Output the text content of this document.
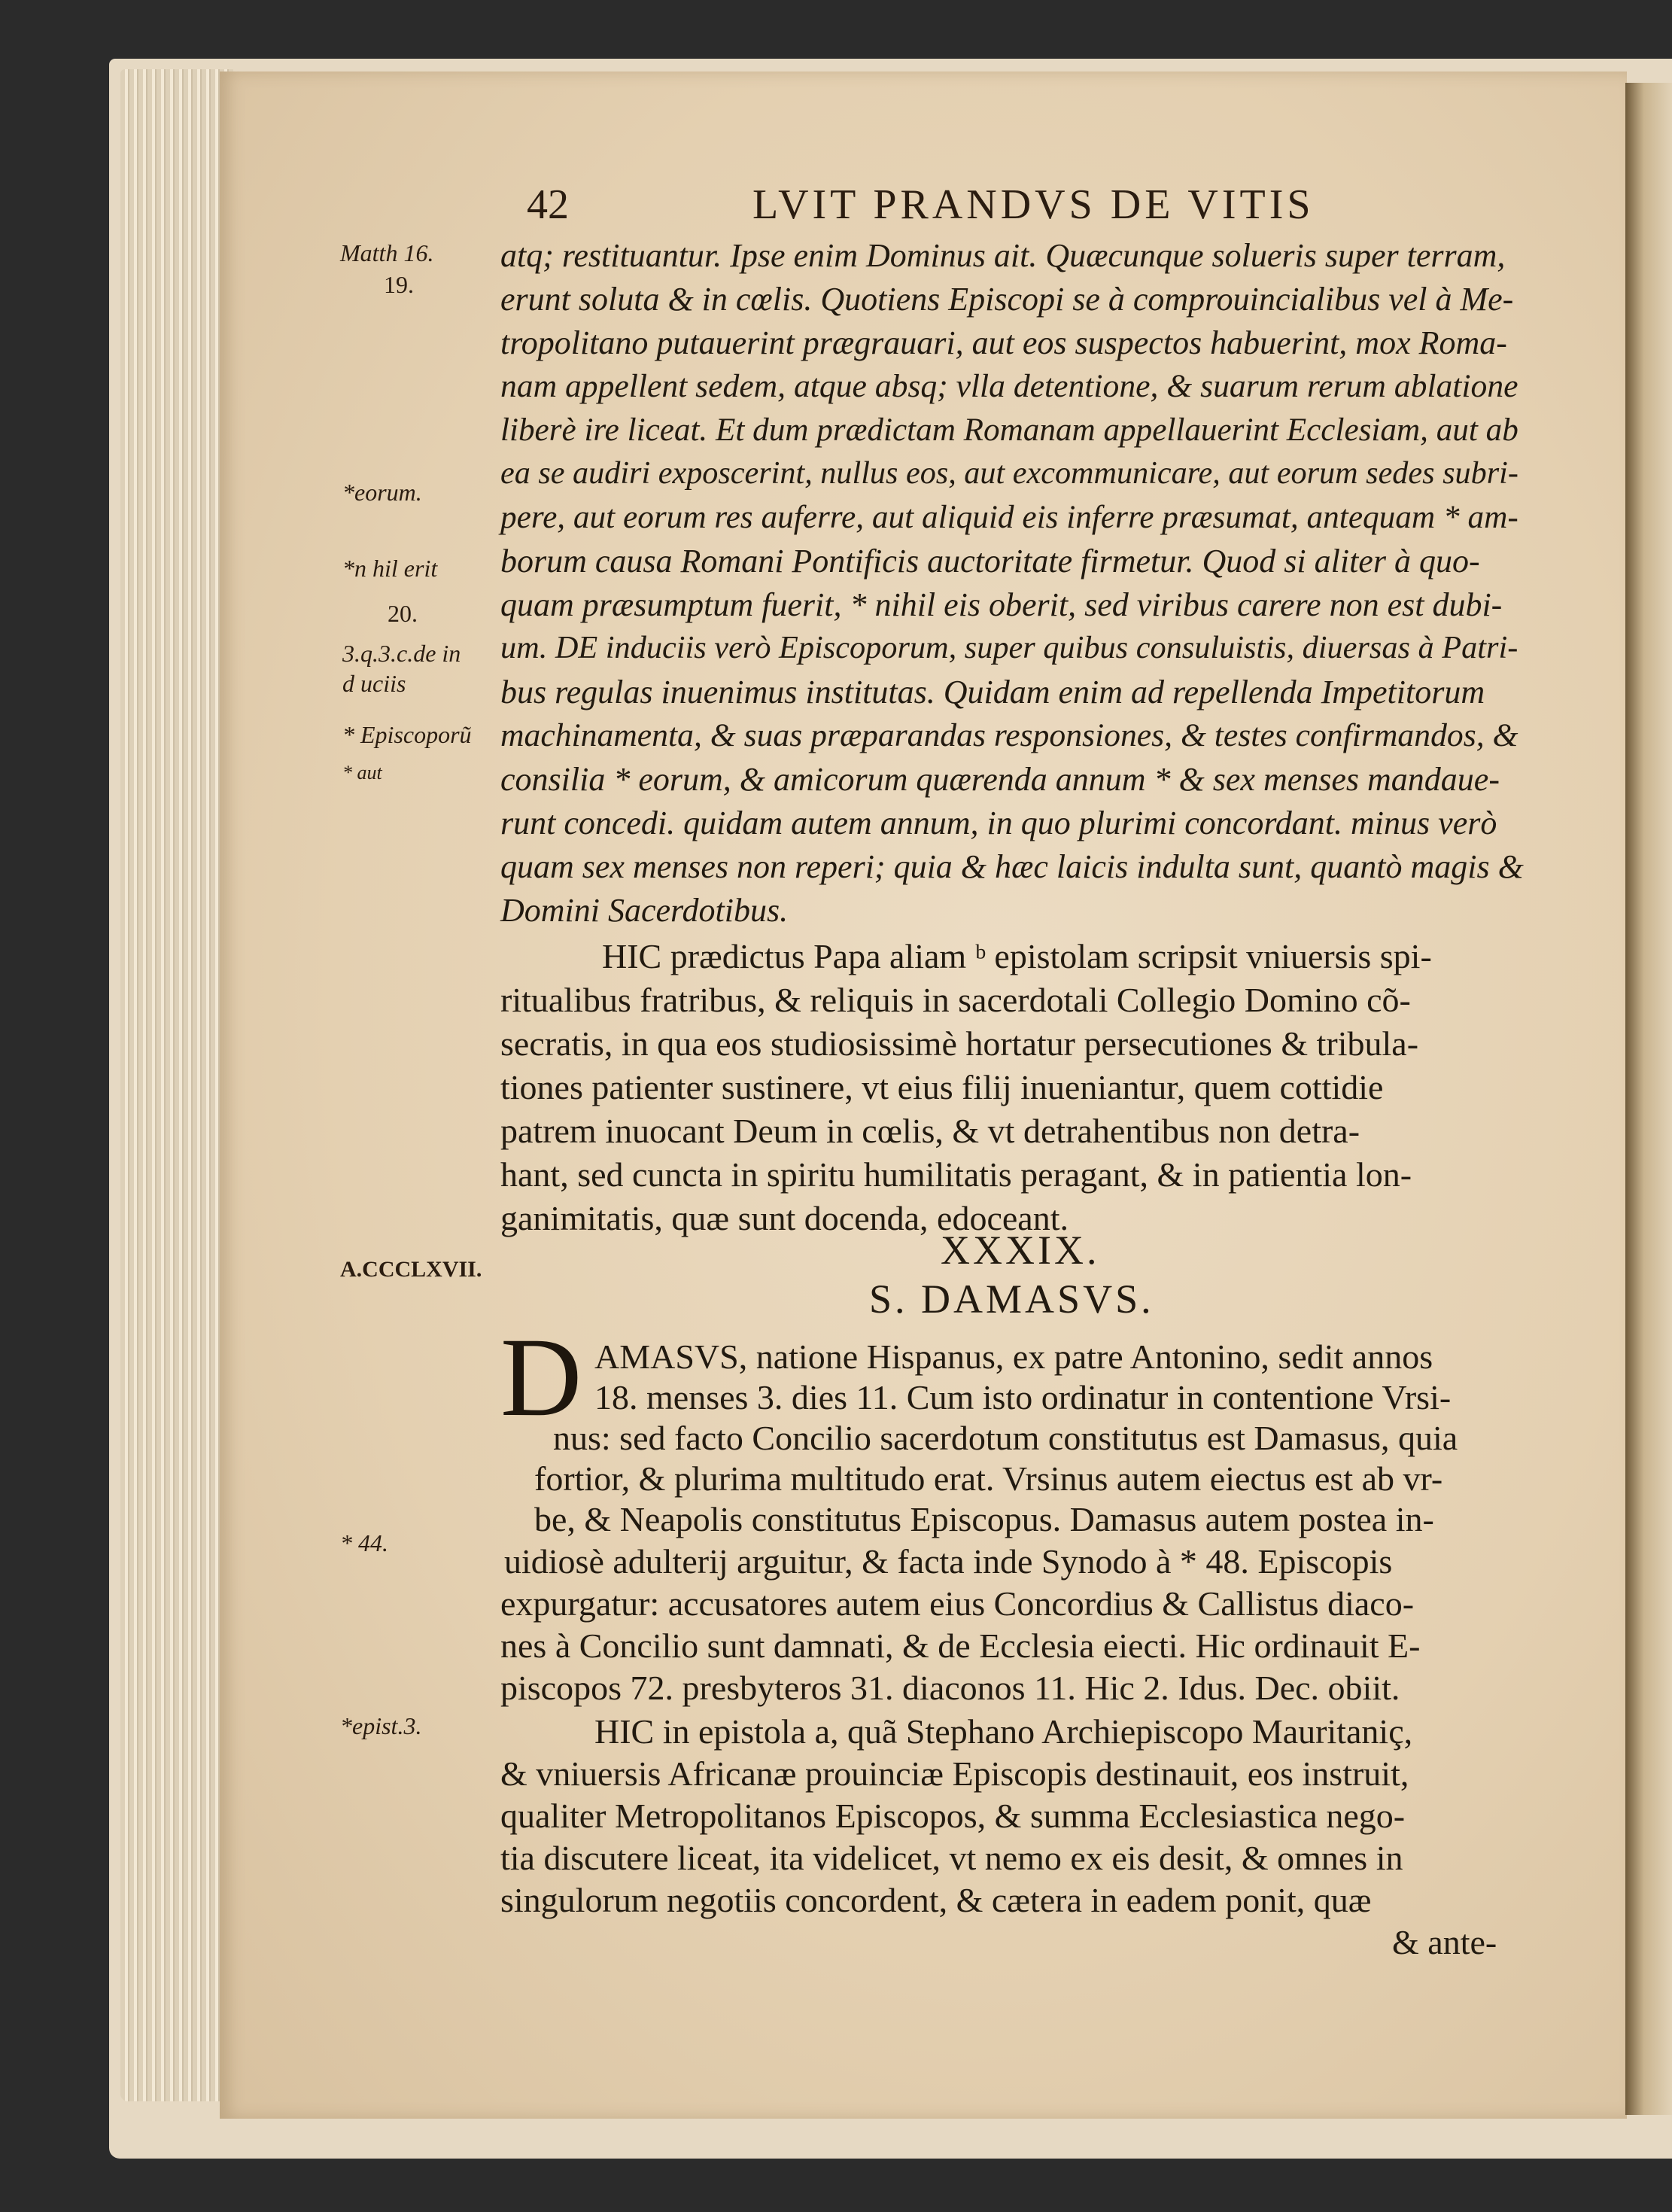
42	LVIT PRANDVS DE VITIS
Matth 16.
19.
*eorum.
*n hil erit
20.
3.q.3.c.de in
d uciis
* Episcoporũ
* aut
A.CCCLXVII.
* 44.
*epist.3.
atq; restituantur. Ipse enim Dominus ait. Quæcunque solueris super terram,
erunt soluta & in cœlis. Quotiens Episcopi se à comprouincialibus vel à Me-
tropolitano putauerint prægrauari, aut eos suspectos habuerint, mox Roma-
nam appellent sedem, atque absq; vlla detentione, & suarum rerum ablatione
liberè ire liceat. Et dum prædictam Romanam appellauerint Ecclesiam, aut ab
ea se audiri exposcerint, nullus eos, aut excommunicare, aut eorum sedes subri-
pere, aut eorum res auferre, aut aliquid eis inferre præsumat, antequam * am-
borum causa Romani Pontificis auctoritate firmetur. Quod si aliter à quo-
quam præsumptum fuerit, * nihil eis oberit, sed viribus carere non est dubi-
um. DE induciis verò Episcoporum, super quibus consuluistis, diuersas à Patri-
bus regulas inuenimus institutas. Quidam enim ad repellenda Impetitorum
machinamenta, & suas præparandas responsiones, & testes confirmandos, &
consilia * eorum, & amicorum quærenda annum * & sex menses mandaue-
runt concedi. quidam autem annum, in quo plurimi concordant. minus verò
quam sex menses non reperi; quia & hæc laicis indulta sunt, quantò magis &
Domini Sacerdotibus.
HIC prædictus Papa aliam ᵇ epistolam scripsit vniuersis spi-
ritualibus fratribus, & reliquis in sacerdotali Collegio Domino cõ-
secratis, in qua eos studiosissimè hortatur persecutiones & tribula-
tiones patienter sustinere, vt eius filij inueniantur, quem cottidie
patrem inuocant Deum in cœlis, & vt detrahentibus non detra-
hant, sed cuncta in spiritu humilitatis peragant, & in patientia lon-
ganimitatis, quæ sunt docenda, edoceant.
XXXIX.
S. DAMASVS.
D AMASVS, natione Hispanus, ex patre Antonino, sedit annos
18. menses 3. dies 11. Cum isto ordinatur in contentione Vrsi-
nus: sed facto Concilio sacerdotum constitutus est Damasus, quia
fortior, & plurima multitudo erat. Vrsinus autem eiectus est ab vr-
be, & Neapolis constitutus Episcopus. Damasus autem postea in-
uidiosè adulterij arguitur, & facta inde Synodo à * 48. Episcopis
expurgatur: accusatores autem eius Concordius & Callistus diaco-
nes à Concilio sunt damnati, & de Ecclesia eiecti. Hic ordinauit E-
piscopos 72. presbyteros 31. diaconos 11. Hic 2. Idus. Dec. obiit.
HIC in epistola a, quã Stephano Archiepiscopo Mauritaniç,
& vniuersis Africanæ prouinciæ Episcopis destinauit, eos instruit,
qualiter Metropolitanos Episcopos, & summa Ecclesiastica nego-
tia discutere liceat, ita videlicet, vt nemo ex eis desit, & omnes in
singulorum negotiis concordent, & cætera in eadem ponit, quæ
& ante-
